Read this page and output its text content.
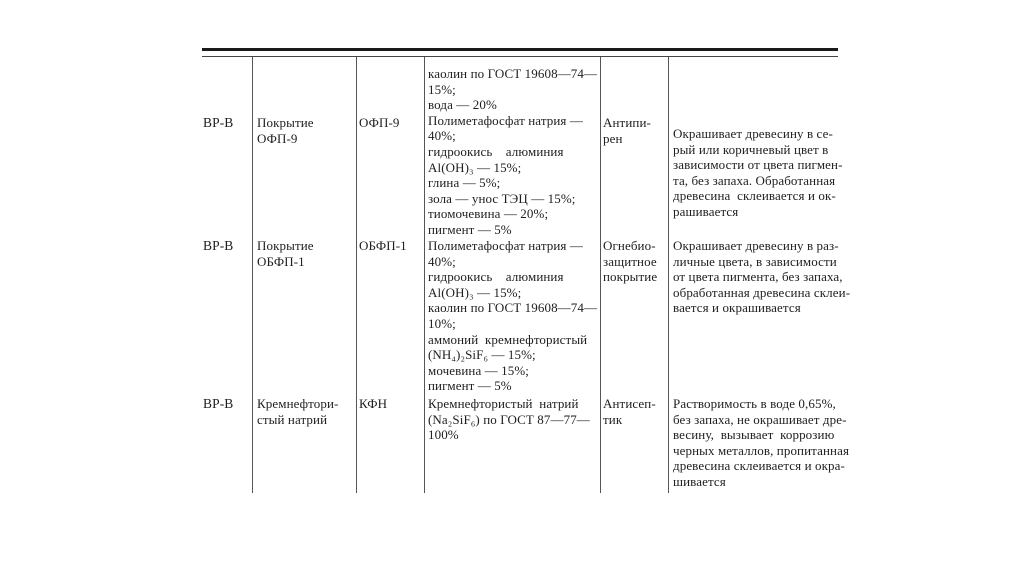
ВР-В Покрытие
ОФП-9
ОФП-9
каолин по ГОСТ 19608—74—
15%;
вода — 20%
Полиметафосфат натрия —
40%;
гидроокись    алюминия
Al(OH)₃ — 15%;
глина — 5%;
зола — унос ТЭЦ — 15%;
тиомочевина — 20%;
пигмент — 5%
Антипи-
рен	Окрашивает древесину в се-
рый или коричневый цвет в
зависимости от цвета пигмен-
та, без запаха. Обработанная
древесина  склеивается и ок-
рашивается
ВР-В Покрытие
ОБФП-1
ОБФП-1 Полиметафосфат натрия —
40%;
гидроокись    алюминия
Al(OH)₃ — 15%;
каолин по ГОСТ 19608—74—
10%;
аммоний  кремнефтористый
(NH₄)₂SiF₆ — 15%;
мочевина — 15%;
пигмент — 5%
Огнебио-
защитное
покрытие
Окрашивает древесину в раз-
личные цвета, в зависимости
от цвета пигмента, без запаха,
обработанная древесина склеи-
вается и окрашивается
ВР-В Кремнефтори-
стый натрий
КФН	Кремнефтористый  натрий
(Na₂SiF₆) по ГОСТ 87—77—
100%
Антисеп-
тик
Растворимость в воде 0,65%,
без запаха, не окрашивает дре-
весину,  вызывает  коррозию
черных металлов, пропитанная
древесина склеивается и окра-
шивается
